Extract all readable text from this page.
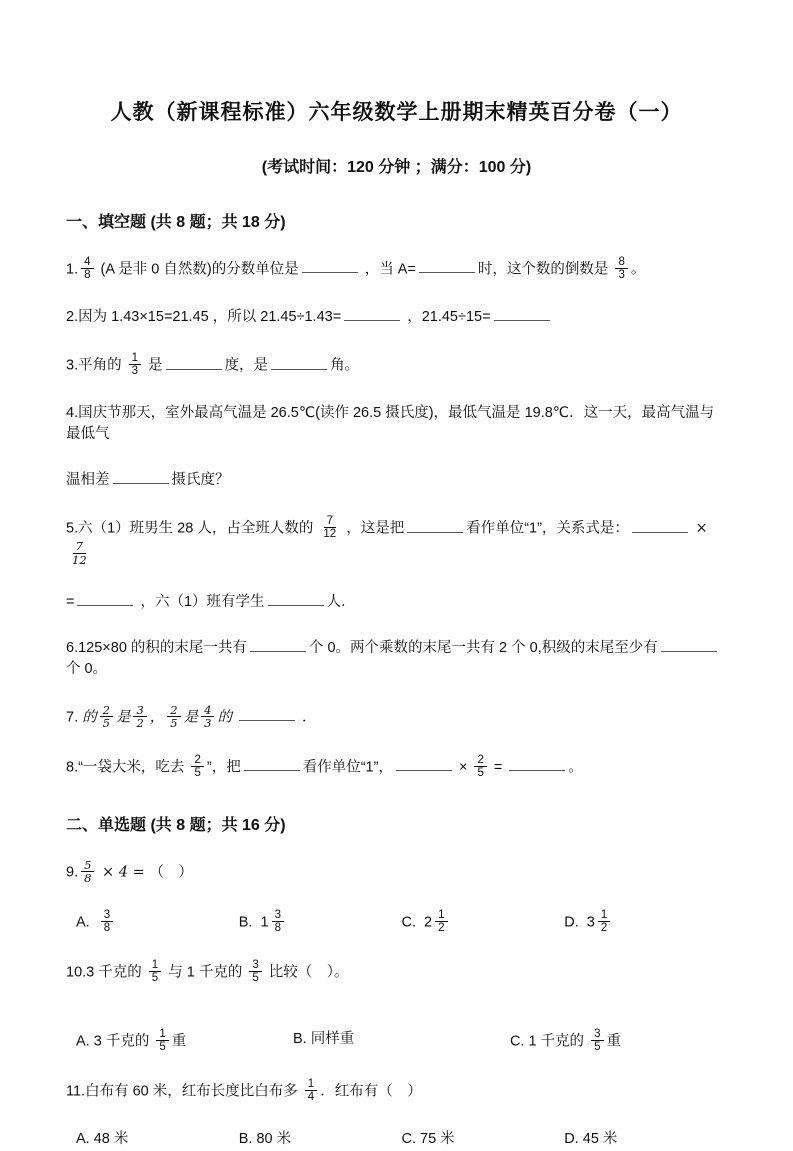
人教（新课程标准）六年级数学上册期末精英百分卷（一）
(考试时间：120 分钟 ；满分：100 分)
一、填空题 (共 8 题；共 18 分)
1. $\frac{4}{8} (A$ 是非 0 自然数)的分数单位是	，当 A=	时，这个数的倒数是 $\frac{8}{3}$ 。
2.因为 1.43×15=21.45 ，所以 21.45÷1.43=	，21.45÷15=
3.平角的 $\frac{1}{3}$ 是	度，是	角。
4.国庆节那天，室外最高气温是 26.5℃(读作 26.5 摄氏度)，最低气温是 19.8℃．这一天，最高气温与最低气
温相差	摄氏度？
5.六（1）班男生 28 人，占全班人数的 $\frac{7}{12}$ ，这是把	看作单位“1”，关系式是：	×
$\frac{7}{12}$
=	，六（1）班有学生	人．
6.125×80 的积的末尾一共有	个 0。两个乘数的末尾一共有 2 个 0,积级的末尾至少有个 0。
7. 的 $\frac{2}{5}$ 是 $\frac{3}{2}$ ， $\frac{2}{5}$ 是 $\frac{4}{3}$ 的	．
8.“一袋大米，吃去 $\frac{2}{5}$ ”，把	看作单位“1”，	× $\frac{2}{5}$ =	。
二、单选题 (共 8 题；共 16 分)
9. $\frac{5}{8} \times 4$ = （　）
A. $\frac{3}{8}$	B.  $1 \frac{3}{8}$	C.  $2 \frac{1}{2}$	D.  $3 \frac{1}{2}$
10.3 千克的 $\frac{1}{5}$ 与 1 千克的 $\frac{3}{5}$ 比较（　）。
A. 3 千克的 $\frac{1}{5}$ 重	B. 同样重	C. 1 千克的 $\frac{3}{5}$ 重
11.白布有 60 米，红布长度比白布多 $\frac{1}{4}$ ．红布有（　）
A. 48 米	B. 80 米	C. 75 米	D. 45 米
